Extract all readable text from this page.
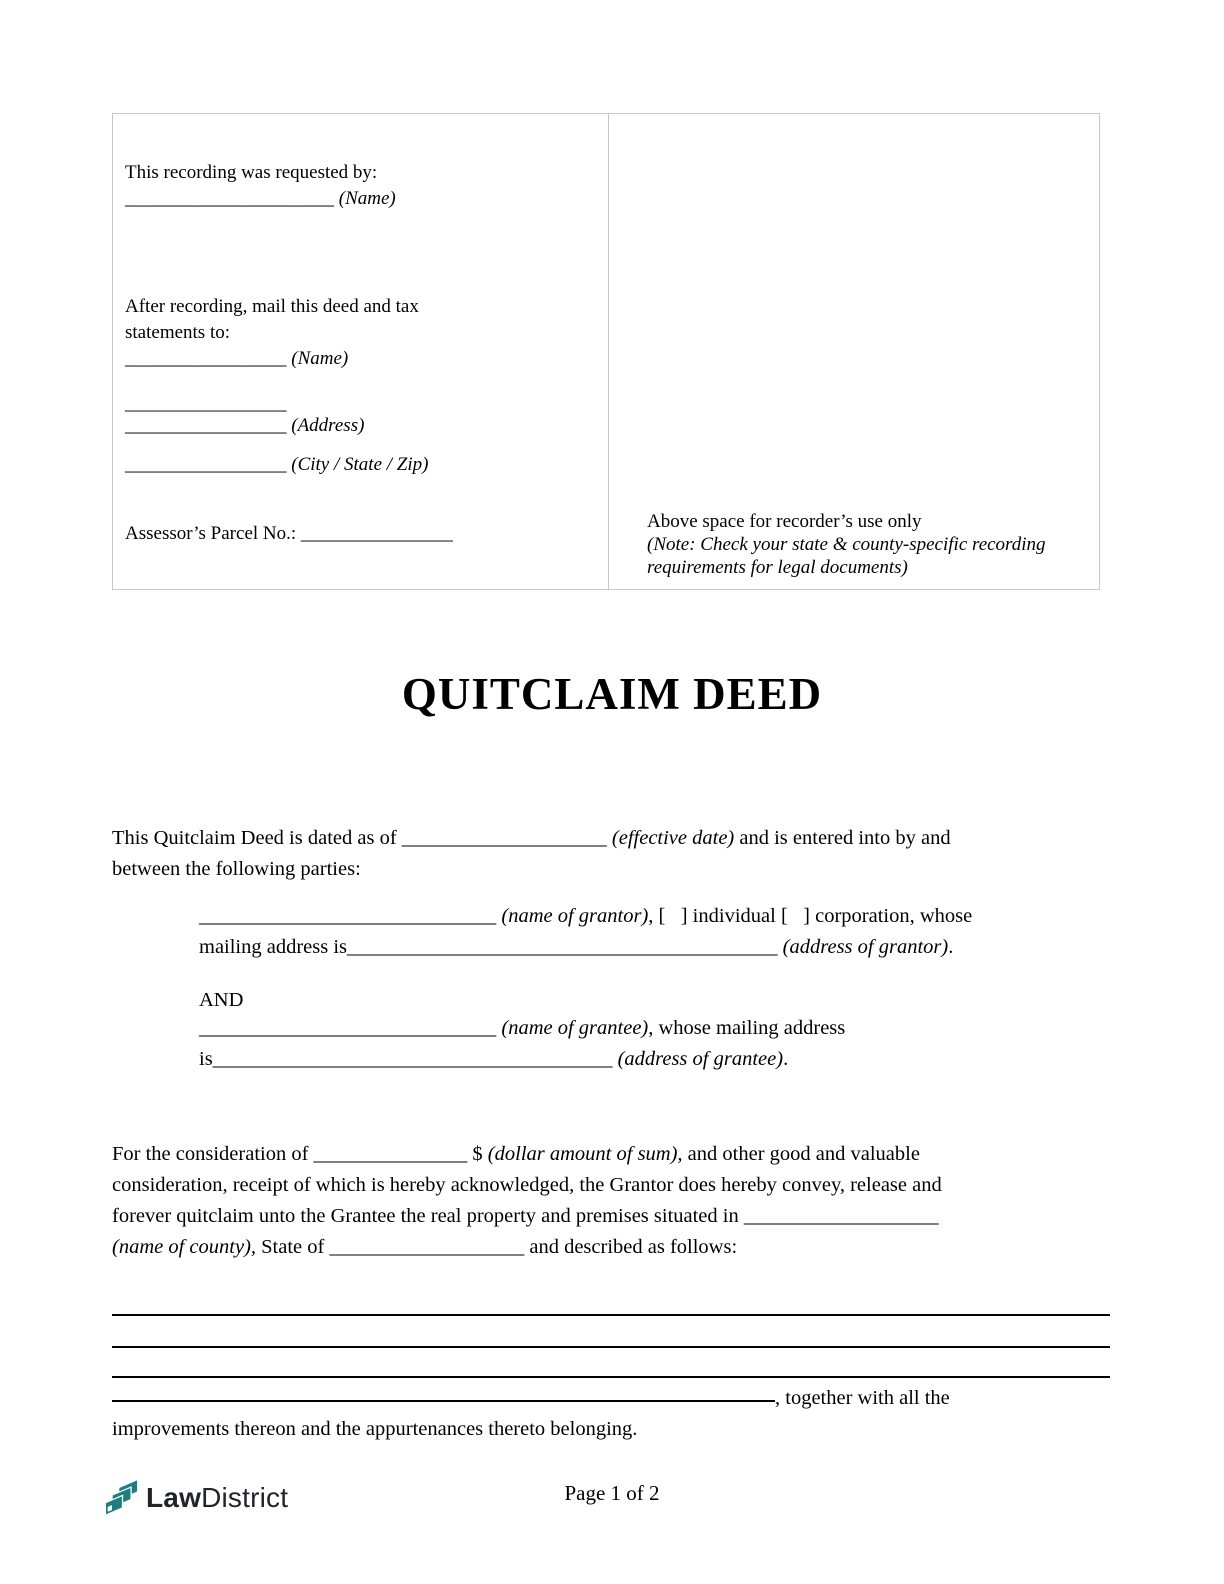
This recording was requested by:
______________________ (Name)
After recording, mail this deed and tax
statements to:
_________________ (Name)
_________________
_________________ (Address)
_________________ (City / State / Zip)
Assessor’s Parcel No.: ________________
Above space for recorder’s use only
(Note: Check your state & county-specific recording
requirements for legal documents)
QUITCLAIM DEED
This Quitclaim Deed is dated as of ____________________ (effective date) and is entered into by and
between the following parties:
_____________________________ (name of grantor), [   ] individual [   ] corporation, whose
mailing address is__________________________________________ (address of grantor).
AND
_____________________________ (name of grantee), whose mailing address
is_______________________________________ (address of grantee).
For the consideration of _______________ $ (dollar amount of sum), and other good and valuable
consideration, receipt of which is hereby acknowledged, the Grantor does hereby convey, release and
forever quitclaim unto the Grantee the real property and premises situated in ___________________
(name of county), State of ___________________ and described as follows:
, together with all the
improvements thereon and the appurtenances thereto belonging.
LawDistrict	Page 1 of 2
